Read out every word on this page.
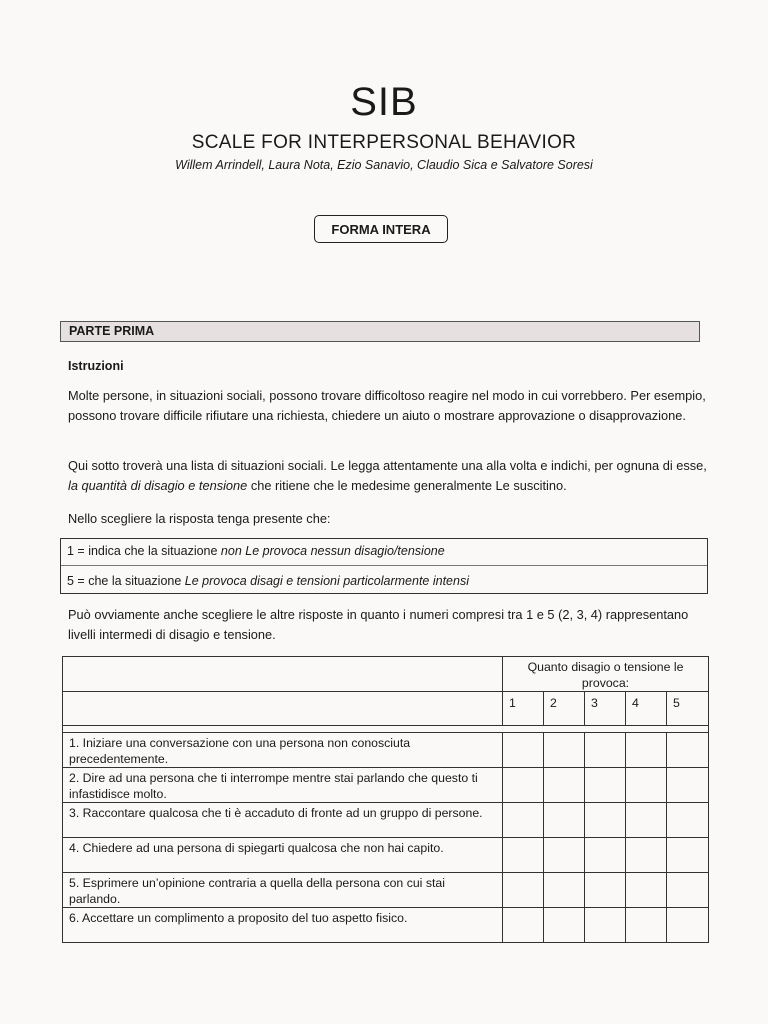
SIB
SCALE FOR INTERPERSONAL BEHAVIOR
Willem Arrindell, Laura Nota, Ezio Sanavio, Claudio Sica e Salvatore Soresi
FORMA INTERA
PARTE PRIMA
Istruzioni
Molte persone, in situazioni sociali, possono trovare difficoltoso reagire nel modo in cui vorrebbero. Per esempio, possono trovare difficile rifiutare una richiesta, chiedere un aiuto o mostrare approvazione o disapprovazione.
Qui sotto troverà una lista di situazioni sociali. Le legga attentamente una alla volta e indichi, per ognuna di esse, la quantità di disagio e tensione che ritiene che le medesime generalmente Le suscitino.
Nello scegliere la risposta tenga presente che:
1 = indica che la situazione non Le provoca nessun disagio/tensione
5 = che la situazione Le provoca disagi e tensioni particolarmente intensi
Può ovviamente anche scegliere le altre risposte in quanto i numeri compresi tra 1 e 5 (2, 3, 4) rappresentano livelli intermedi di disagio e tensione.
	Quanto disagio o tensione le provoca:				
	1	2	3	4	5

1. Iniziare una conversazione con una persona non conosciuta precedentemente.					
2. Dire ad una persona che ti interrompe mentre stai parlando che questo ti infastidisce molto.					
3. Raccontare qualcosa che ti è accaduto di fronte ad un gruppo di persone.					
4. Chiedere ad una persona di spiegarti qualcosa che non hai capito.					
5. Esprimere un’opinione contraria a quella della persona con cui stai parlando.					
6. Accettare un complimento a proposito del tuo aspetto fisico.					
